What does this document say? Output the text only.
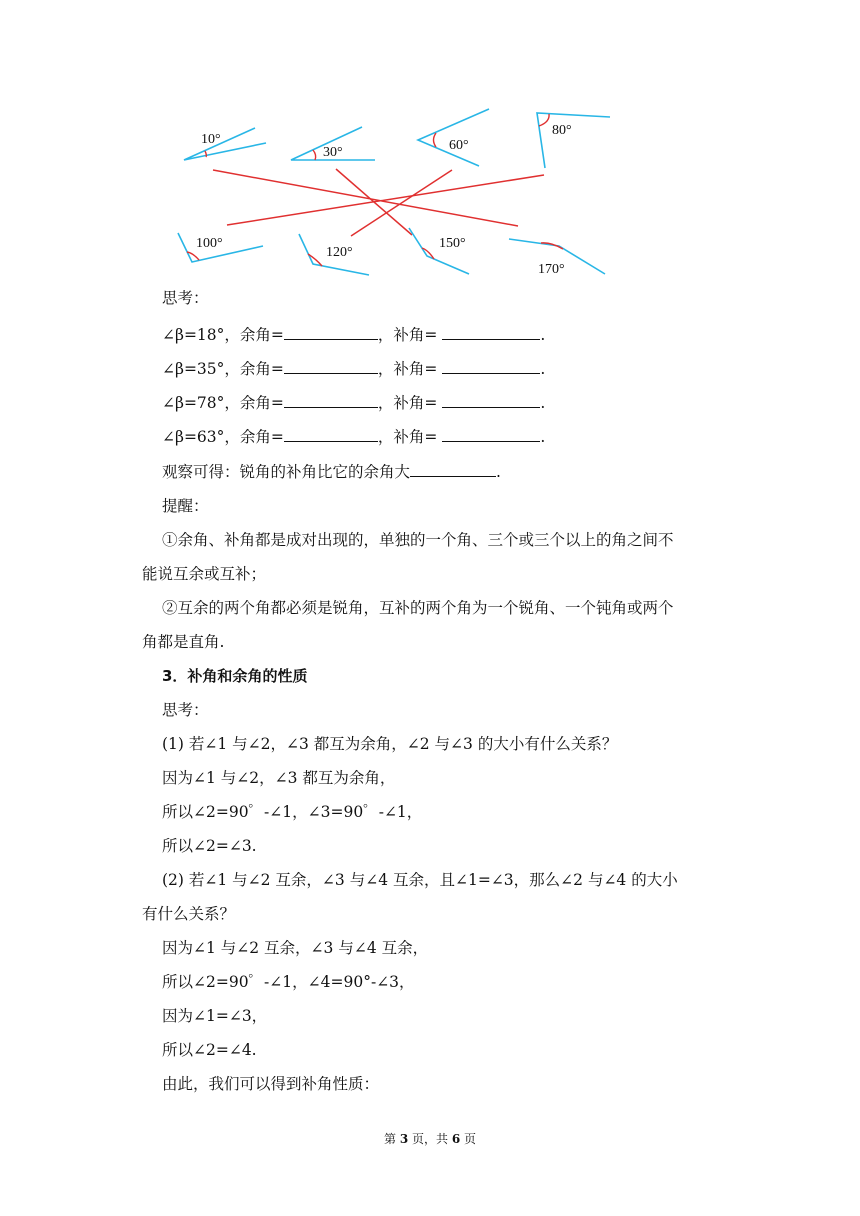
10°
30°	60°
80°
100°
120°
150°
170°
思考：
∠β=18°，余角=	，补角=	.
∠β=35°，余角=	，补角=	.
∠β=78°，余角=	，补角=	.
∠β=63°，余角=	，补角=	.
观察可得：锐角的补角比它的余角大	.
提醒：
①余角、补角都是成对出现的，单独的一个角、三个或三个以上的角之间不
能说互余或互补；
②互余的两个角都必须是锐角，互补的两个角为一个锐角、一个钝角或两个
角都是直角.
3．补角和余角的性质
思考：
(1) 若∠1 与∠2，∠3 都互为余角，∠2 与∠3 的大小有什么关系？
因为∠1 与∠2，∠3 都互为余角，
所以∠2=90゜-∠1，∠3=90゜-∠1，
所以∠2=∠3.
(2) 若∠1 与∠2 互余，∠3 与∠4 互余，且∠1=∠3，那么∠2 与∠4 的大小
有什么关系？
因为∠1 与∠2 互余，∠3 与∠4 互余，
所以∠2=90゜-∠1，∠4=90°-∠3，
因为∠1=∠3，
所以∠2=∠4.
由此，我们可以得到补角性质：
第 3 页，共 6 页
